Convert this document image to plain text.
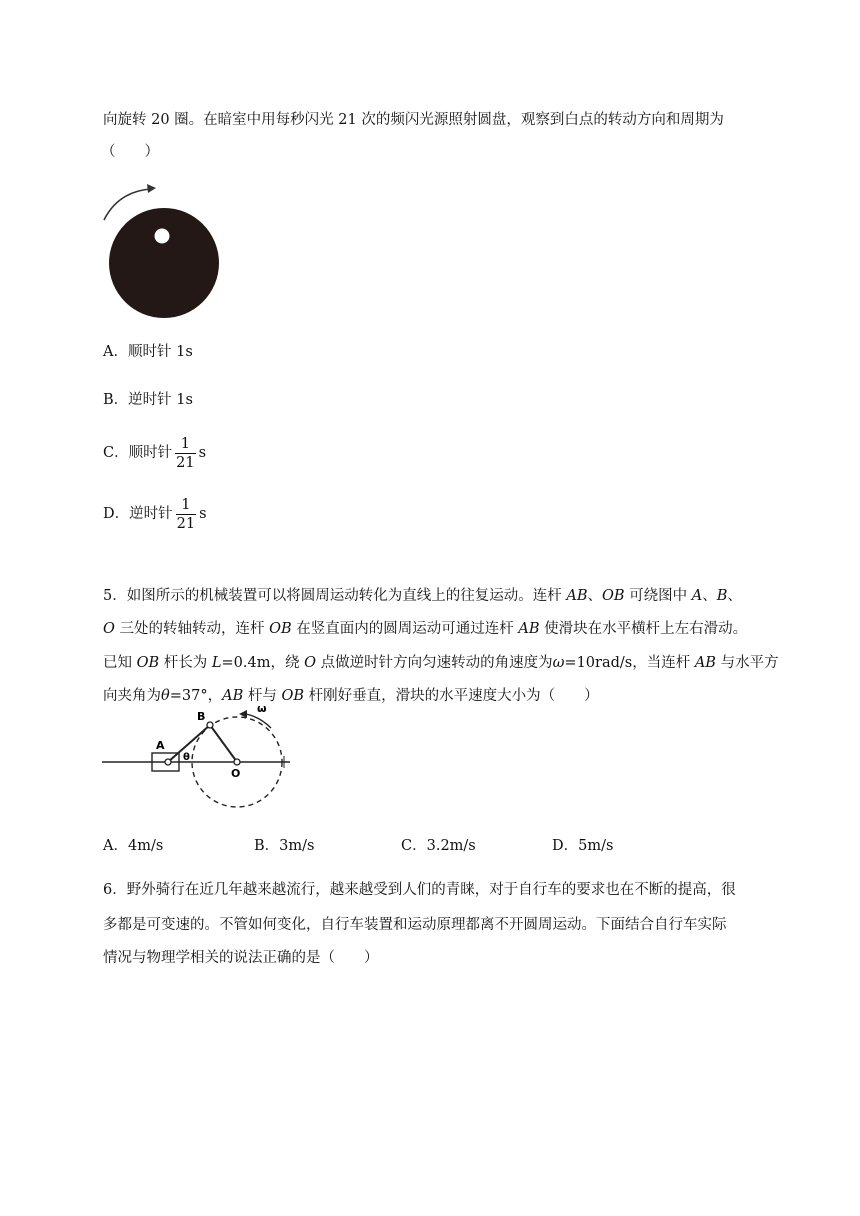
向旋转 20 圈。在暗室中用每秒闪光 21 次的频闪光源照射圆盘，观察到白点的转动方向和周期为
（　　）
A．顺时针 1s
B．逆时针 1s
C．顺时针 $\frac{1}{21}$ s
D．逆时针 $\frac{1}{21}$ s
5．如图所示的机械装置可以将圆周运动转化为直线上的往复运动。连杆 AB、OB 可绕图中 A、B、
O 三处的转轴转动，连杆 OB 在竖直面内的圆周运动可通过连杆 AB 使滑块在水平横杆上左右滑动。
已知 OB 杆长为 L=0.4m，绕 O 点做逆时针方向匀速转动的角速度为ω=10rad/s，当连杆 AB 与水平方
向夹角为θ=37°，AB 杆与 OB 杆刚好垂直，滑块的水平速度大小为（　　）
A
B
O
θ
ω
A．4m/s	B．3m/s	C．3.2m/s	D．5m/s
6．野外骑行在近几年越来越流行，越来越受到人们的青睐，对于自行车的要求也在不断的提高，很
多都是可变速的。不管如何变化，自行车装置和运动原理都离不开圆周运动。下面结合自行车实际
情况与物理学相关的说法正确的是（　　）
